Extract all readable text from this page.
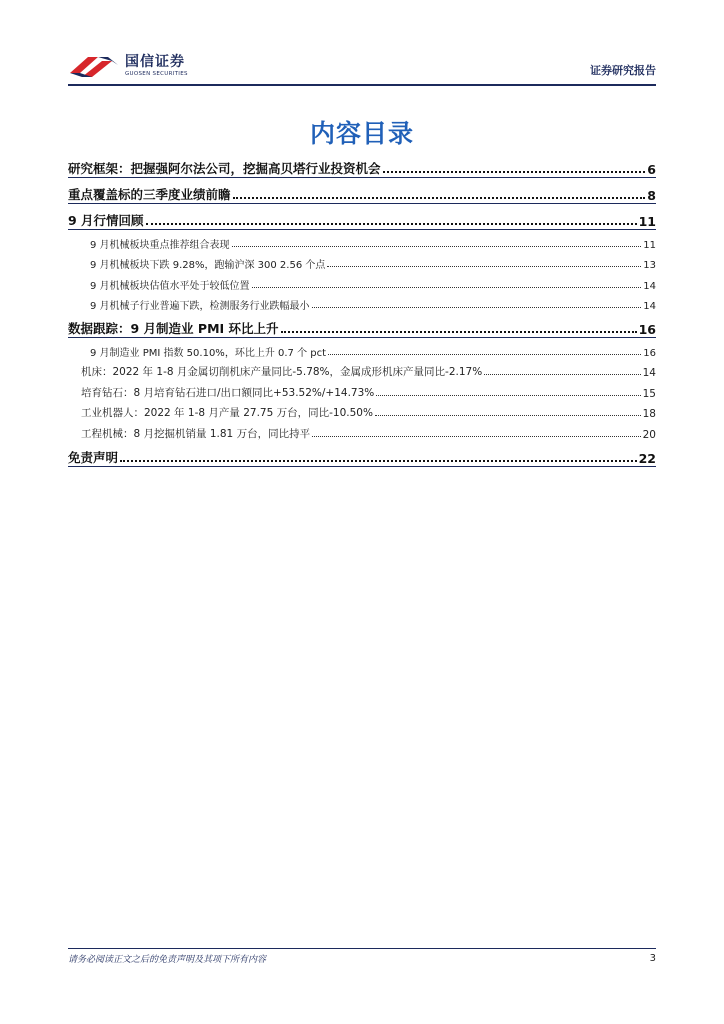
国信证券
GUOSEN SECURITIES	证券研究报告
内容目录
研究框架：把握强阿尔法公司，挖掘高贝塔行业投资机会	6
重点覆盖标的三季度业绩前瞻	8
9 月行情回顾	11
9 月机械板块重点推荐组合表现	11
9 月机械板块下跌 9.28%，跑输沪深 300 2.56 个点	13
9 月机械板块估值水平处于较低位置	14
9 月机械子行业普遍下跌，检测服务行业跌幅最小	14
数据跟踪：9 月制造业 PMI 环比上升	16
9 月制造业 PMI 指数 50.10%，环比上升 0.7 个 pct	16
机床：2022 年 1-8 月金属切削机床产量同比-5.78%，金属成形机床产量同比-2.17%	14
培育钻石：8 月培育钻石进口/出口额同比+53.52%/+14.73%	15
工业机器人：2022 年 1-8 月产量 27.75 万台，同比-10.50%	18
工程机械：8 月挖掘机销量 1.81 万台，同比持平	20
免责声明	22
请务必阅读正文之后的免责声明及其项下所有内容	3
